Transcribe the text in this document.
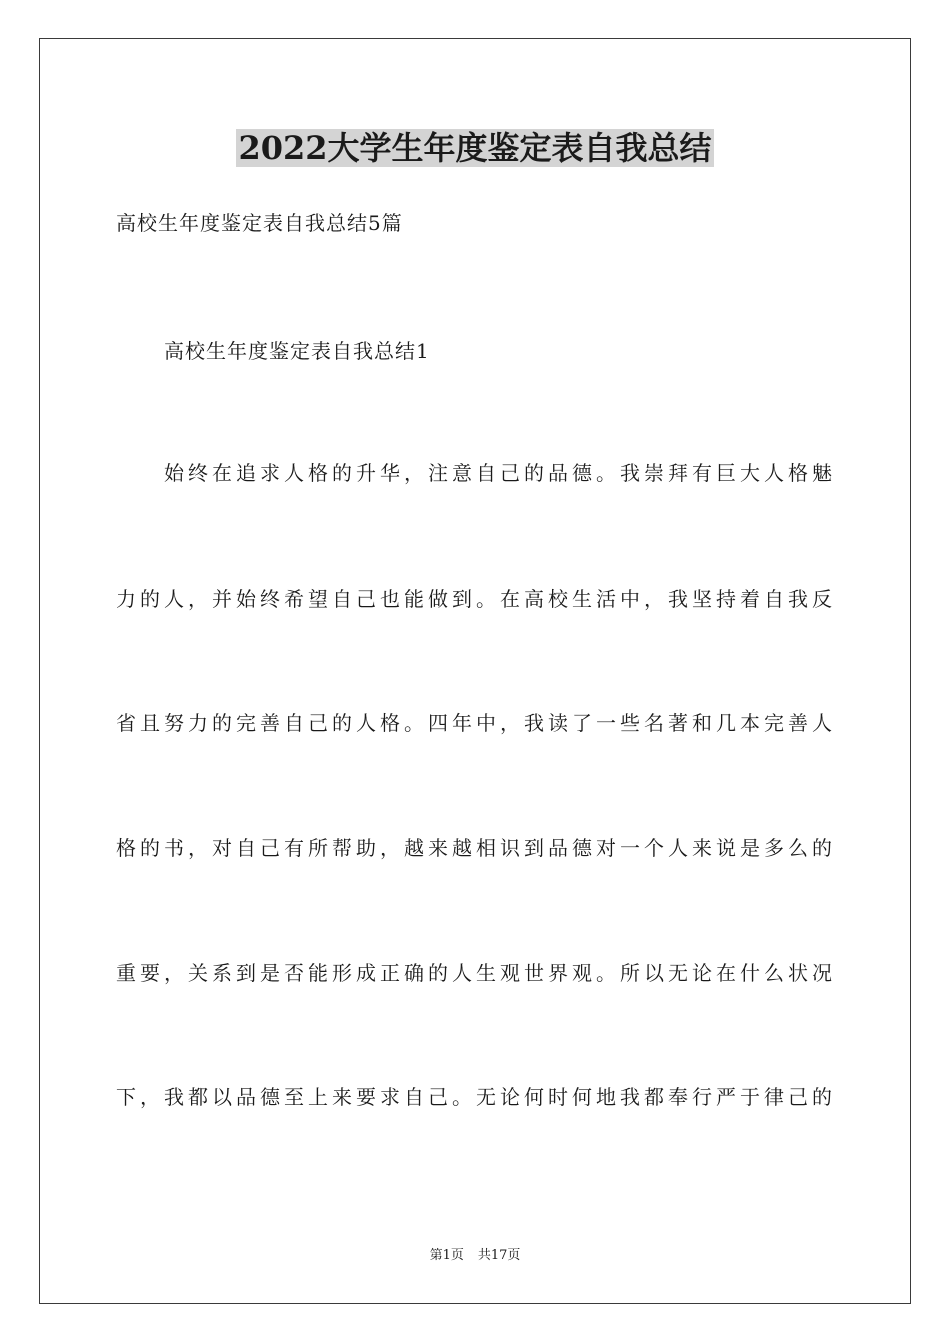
2022大学生年度鉴定表自我总结
高校生年度鉴定表自我总结5篇
高校生年度鉴定表自我总结1
始终在追求人格的升华，注意自己的品德。我崇拜有巨大人格魅
力的人，并始终希望自己也能做到。在高校生活中，我坚持着自我反
省且努力的完善自己的人格。四年中，我读了一些名著和几本完善人
格的书，对自己有所帮助，越来越相识到品德对一个人来说是多么的
重要，关系到是否能形成正确的人生观世界观。所以无论在什么状况
下，我都以品德至上来要求自己。无论何时何地我都奉行严于律己的
第1页 共17页
